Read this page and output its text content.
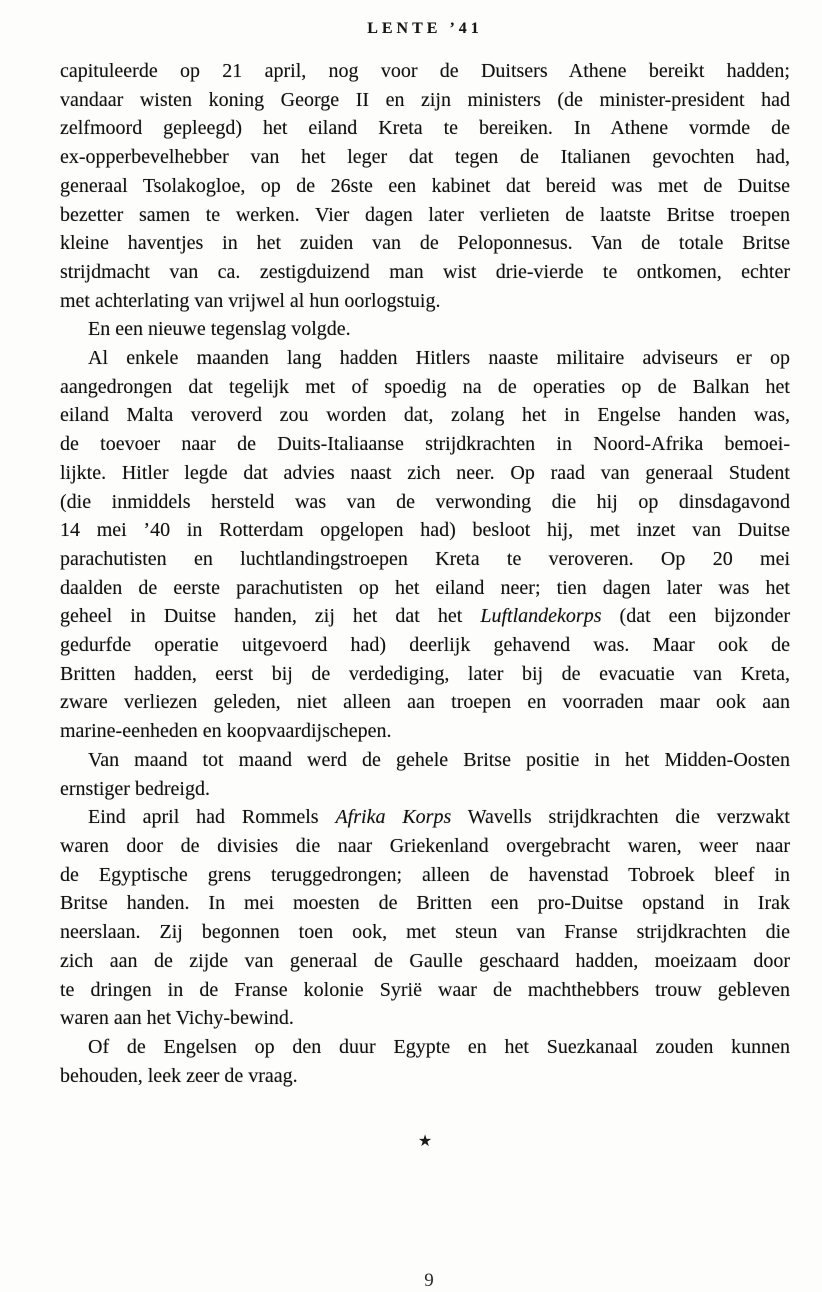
LENTE ’41
capituleerde op 21 april, nog voor de Duitsers Athene bereikt hadden;
vandaar wisten koning George II en zijn ministers (de minister-president had
zelfmoord gepleegd) het eiland Kreta te bereiken. In Athene vormde de
ex-opperbevelhebber van het leger dat tegen de Italianen gevochten had,
generaal Tsolakogloe, op de 26ste een kabinet dat bereid was met de Duitse
bezetter samen te werken. Vier dagen later verlieten de laatste Britse troepen
kleine haventjes in het zuiden van de Peloponnesus. Van de totale Britse
strijdmacht van ca. zestigduizend man wist drie-vierde te ontkomen, echter
met achterlating van vrijwel al hun oorlogstuig.
En een nieuwe tegenslag volgde.
Al enkele maanden lang hadden Hitlers naaste militaire adviseurs er op
aangedrongen dat tegelijk met of spoedig na de operaties op de Balkan het
eiland Malta veroverd zou worden dat, zolang het in Engelse handen was,
de toevoer naar de Duits-Italiaanse strijdkrachten in Noord-Afrika bemoei-
lijkte. Hitler legde dat advies naast zich neer. Op raad van generaal Student
(die inmiddels hersteld was van de verwonding die hij op dinsdagavond
14 mei ’40 in Rotterdam opgelopen had) besloot hij, met inzet van Duitse
parachutisten en luchtlandingstroepen Kreta te veroveren. Op 20 mei
daalden de eerste parachutisten op het eiland neer; tien dagen later was het
geheel in Duitse handen, zij het dat het Luftlandekorps (dat een bijzonder
gedurfde operatie uitgevoerd had) deerlijk gehavend was. Maar ook de
Britten hadden, eerst bij de verdediging, later bij de evacuatie van Kreta,
zware verliezen geleden, niet alleen aan troepen en voorraden maar ook aan
marine-eenheden en koopvaardijschepen.
Van maand tot maand werd de gehele Britse positie in het Midden-Oosten
ernstiger bedreigd.
Eind april had Rommels Afrika Korps Wavells strijdkrachten die verzwakt
waren door de divisies die naar Griekenland overgebracht waren, weer naar
de Egyptische grens teruggedrongen; alleen de havenstad Tobroek bleef in
Britse handen. In mei moesten de Britten een pro-Duitse opstand in Irak
neerslaan. Zij begonnen toen ook, met steun van Franse strijdkrachten die
zich aan de zijde van generaal de Gaulle geschaard hadden, moeizaam door
te dringen in de Franse kolonie Syrië waar de machthebbers trouw gebleven
waren aan het Vichy-bewind.
Of de Engelsen op den duur Egypte en het Suezkanaal zouden kunnen
behouden, leek zeer de vraag.
★
9
